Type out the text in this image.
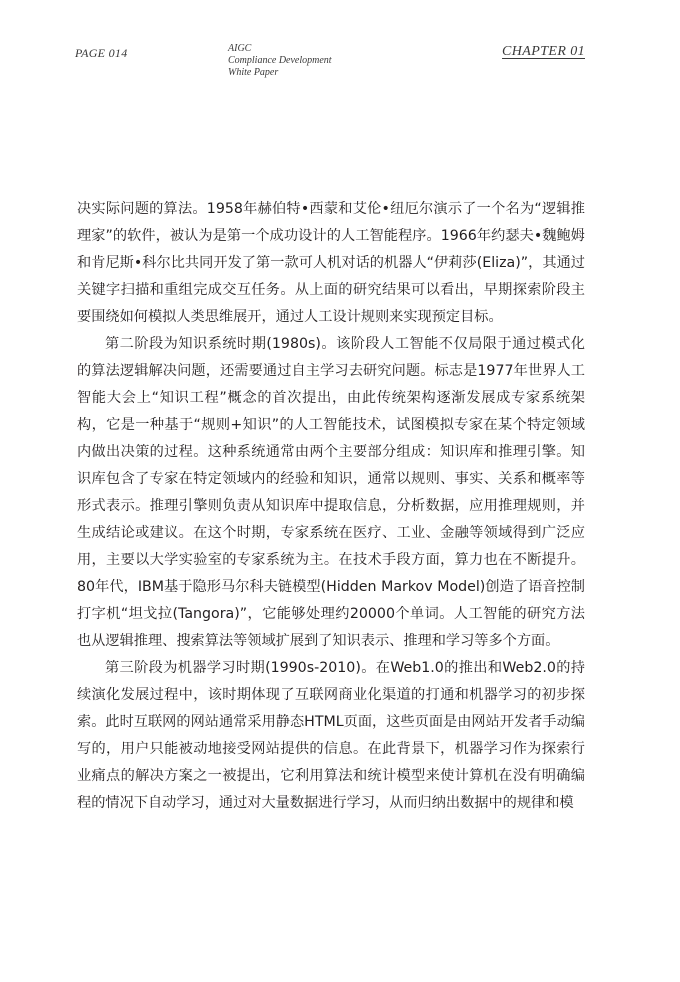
PAGE 014	AIGC
Compliance Development
White Paper
CHAPTER 01

决实际问题的算法。1958年赫伯特•西蒙和艾伦•纽厄尔演示了一个名为“逻辑推理家”的软件，被认为是第一个成功设计的人工智能程序。1966年约瑟夫•魏鲍姆和肯尼斯•科尔比共同开发了第一款可人机对话的机器人“伊莉莎(Eliza)”，其通过关键字扫描和重组完成交互任务。从上面的研究结果可以看出，早期探索阶段主要围绕如何模拟人类思维展开，通过人工设计规则来实现预定目标。

第二阶段为知识系统时期(1980s)。该阶段人工智能不仅局限于通过模式化的算法逻辑解决问题，还需要通过自主学习去研究问题。标志是1977年世界人工智能大会上“知识工程”概念的首次提出，由此传统架构逐渐发展成专家系统架构，它是一种基于“规则+知识”的人工智能技术，试图模拟专家在某个特定领域内做出决策的过程。这种系统通常由两个主要部分组成：知识库和推理引擎。知识库包含了专家在特定领域内的经验和知识，通常以规则、事实、关系和概率等形式表示。推理引擎则负责从知识库中提取信息，分析数据，应用推理规则，并生成结论或建议。在这个时期，专家系统在医疗、工业、金融等领域得到广泛应用，主要以大学实验室的专家系统为主。在技术手段方面，算力也在不断提升。80年代，IBM基于隐形马尔科夫链模型(Hidden Markov Model)创造了语音控制打字机“坦戈拉(Tangora)”，它能够处理约20000个单词。人工智能的研究方法也从逻辑推理、搜索算法等领域扩展到了知识表示、推理和学习等多个方面。

第三阶段为机器学习时期(1990s-2010)。在Web1.0的推出和Web2.0的持续演化发展过程中，该时期体现了互联网商业化渠道的打通和机器学习的初步探索。此时互联网的网站通常采用静态HTML页面，这些页面是由网站开发者手动编写的，用户只能被动地接受网站提供的信息。在此背景下，机器学习作为探索行业痛点的解决方案之一被提出，它利用算法和统计模型来使计算机在没有明确编程的情况下自动学习，通过对大量数据进行学习，从而归纳出数据中的规律和模
